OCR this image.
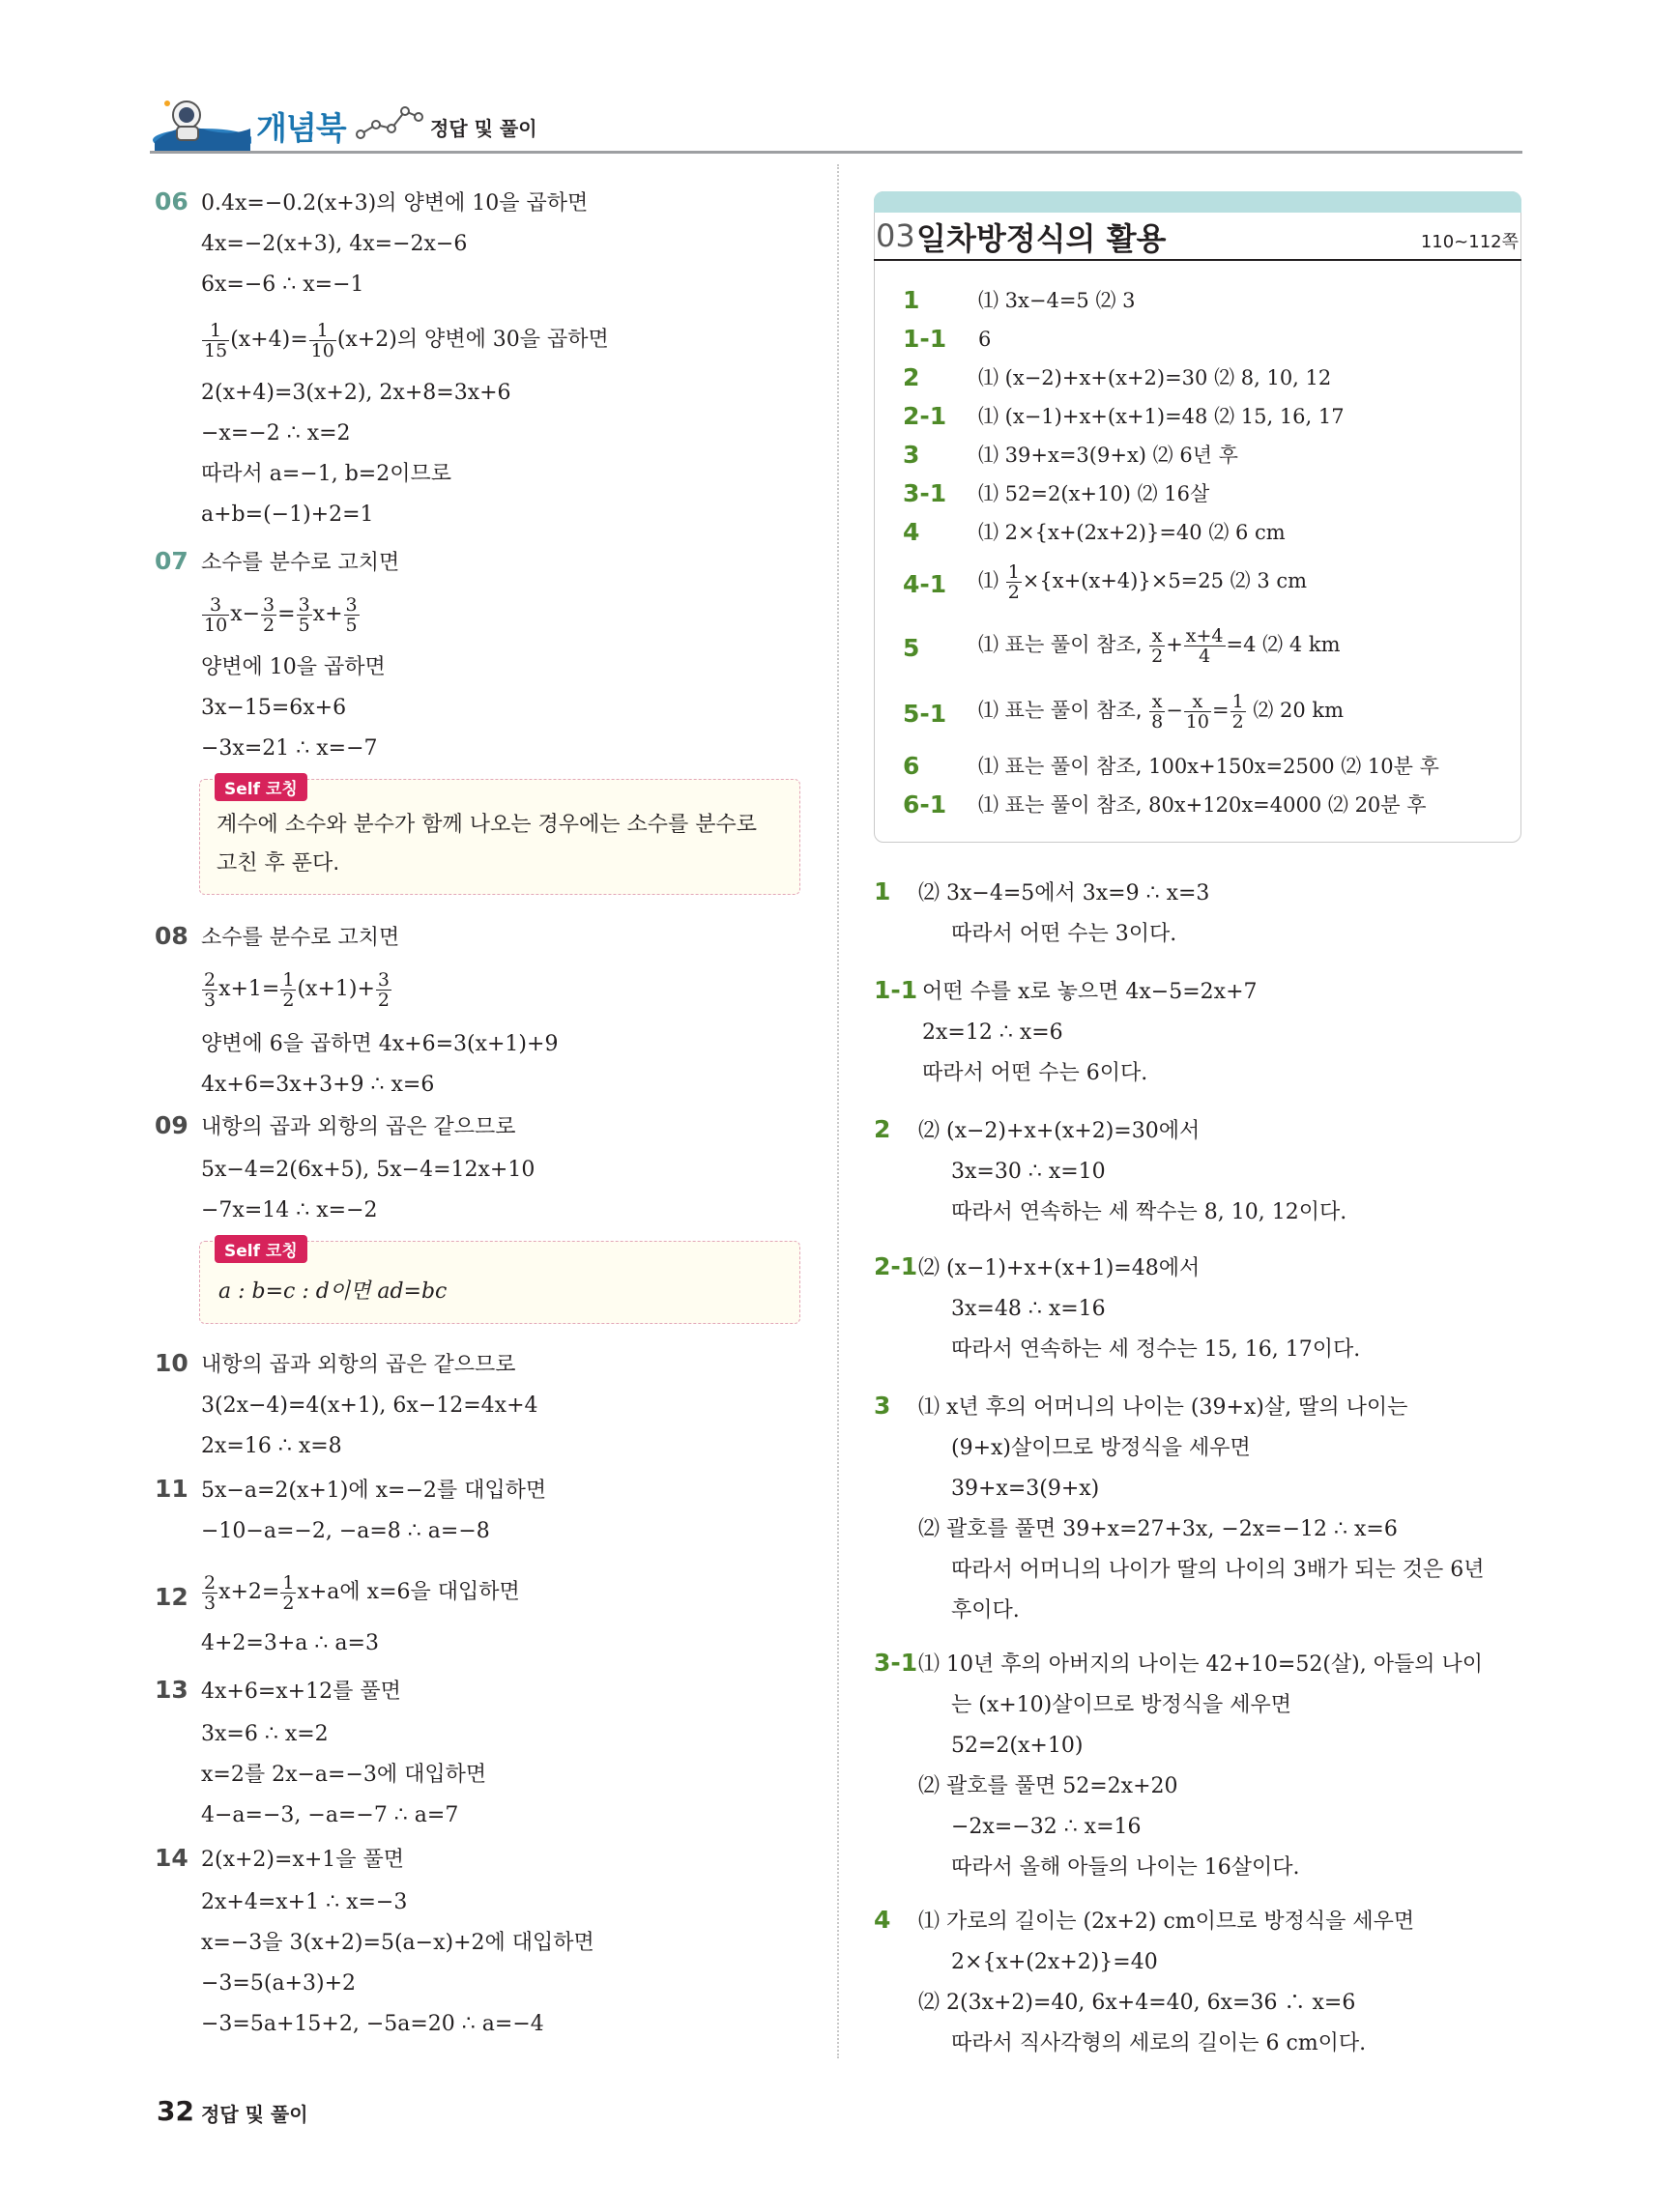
개념북	정답 및 풀이
06 0.4x=−0.2(x+3)의 양변에 10을 곱하면
4x=−2(x+3), 4x=−2x−6
6x=−6 ∴ x=−1
$\frac{1}{15} (x+4)= \frac{1}{10} (x+2)$의 양변에 30을 곱하면
2(x+4)=3(x+2), 2x+8=3x+6
−x=−2 ∴ x=2
따라서 a=−1, b=2이므로
a+b=(−1)+2=1
07 소수를 분수로 고치면
$\frac{3}{10} x- \frac{3}{2} = \frac{3}{5} x+ \frac{3}{5}$
양변에 10을 곱하면
3x−15=6x+6
−3x=21 ∴ x=−7
Self 코칭
계수에 소수와 분수가 함께 나오는 경우에는 소수를 분수로
고친 후 푼다.
08 소수를 분수로 고치면
$\frac{2}{3} x+1= \frac{1}{2} (x+1)+ \frac{3}{2}$
양변에 6을 곱하면 4x+6=3(x+1)+9
4x+6=3x+3+9 ∴ x=6
09 내항의 곱과 외항의 곱은 같으므로
5x−4=2(6x+5), 5x−4=12x+10
−7x=14 ∴ x=−2
Self 코칭
a : b=c : d이면 ad=bc
10 내항의 곱과 외항의 곱은 같으므로
3(2x−4)=4(x+1), 6x−12=4x+4
2x=16 ∴ x=8
11 5x−a=2(x+1)에 x=−2를 대입하면
−10−a=−2, −a=8 ∴ a=−8
$12 \frac{2}{3} x+2= \frac{1}{2} x+a$에 x=6을 대입하면
4+2=3+a ∴ a=3
13 4x+6=x+12를 풀면
3x=6 ∴ x=2
x=2를 2x−a=−3에 대입하면
4−a=−3, −a=−7 ∴ a=7
14 2(x+2)=x+1을 풀면
2x+4=x+1 ∴ x=−3
x=−3을 3(x+2)=5(a−x)+2에 대입하면
−3=5(a+3)+2
−3=5a+15+2, −5a=20 ∴ a=−4
03 일차방정식의 활용	110~112쪽
1	⑴ 3x−4=5 ⑵ 3
1-1 6
2	⑴ (x−2)+x+(x+2)=30 ⑵ 8, 10, 12
2-1 ⑴ (x−1)+x+(x+1)=48 ⑵ 15, 16, 17
3	⑴ 39+x=3(9+x) ⑵ 6년 후
3-1 ⑴ 52=2(x+10) ⑵ 16살
4	⑴ 2×{x+(2x+2)}=40 ⑵ 6 cm
4-1 ⑴ $\frac{1}{2} \times\{x+(x+4)\}\times 5=25$ ⑵ 3 cm
5	⑴ 표는 풀이 참조, $\frac{x}{2} + \frac{x+4}{4} =4$ ⑵ 4 km
5-1 ⑴ 표는 풀이 참조, $\frac{x}{8} - \frac{x}{10} = \frac{1}{2}$ ⑵ 20 km
6	⑴ 표는 풀이 참조, 100x+150x=2500 ⑵ 10분 후
6-1 ⑴ 표는 풀이 참조, 80x+120x=4000 ⑵ 20분 후
1 ⑵ 3x−4=5에서 3x=9 ∴ x=3
따라서 어떤 수는 3이다.
1-1 어떤 수를 x로 놓으면 4x−5=2x+7
2x=12 ∴ x=6
따라서 어떤 수는 6이다.
2 ⑵ (x−2)+x+(x+2)=30에서
3x=30 ∴ x=10
따라서 연속하는 세 짝수는 8, 10, 12이다.
2-1 ⑵ (x−1)+x+(x+1)=48에서
3x=48 ∴ x=16
따라서 연속하는 세 정수는 15, 16, 17이다.
3 ⑴ x년 후의 어머니의 나이는 (39+x)살, 딸의 나이는
(9+x)살이므로 방정식을 세우면
39+x=3(9+x)
⑵ 괄호를 풀면 39+x=27+3x, −2x=−12 ∴ x=6
따라서 어머니의 나이가 딸의 나이의 3배가 되는 것은 6년
후이다.
3-1 ⑴ 10년 후의 아버지의 나이는 42+10=52(살), 아들의 나이
는 (x+10)살이므로 방정식을 세우면
52=2(x+10)
⑵ 괄호를 풀면 52=2x+20
−2x=−32 ∴ x=16
따라서 올해 아들의 나이는 16살이다.
4 ⑴ 가로의 길이는 (2x+2) cm이므로 방정식을 세우면
2×{x+(2x+2)}=40
⑵ 2(3x+2)=40, 6x+4=40, 6x=36 ∴ x=6
따라서 직사각형의 세로의 길이는 6 cm이다.
32 정답 및 풀이
